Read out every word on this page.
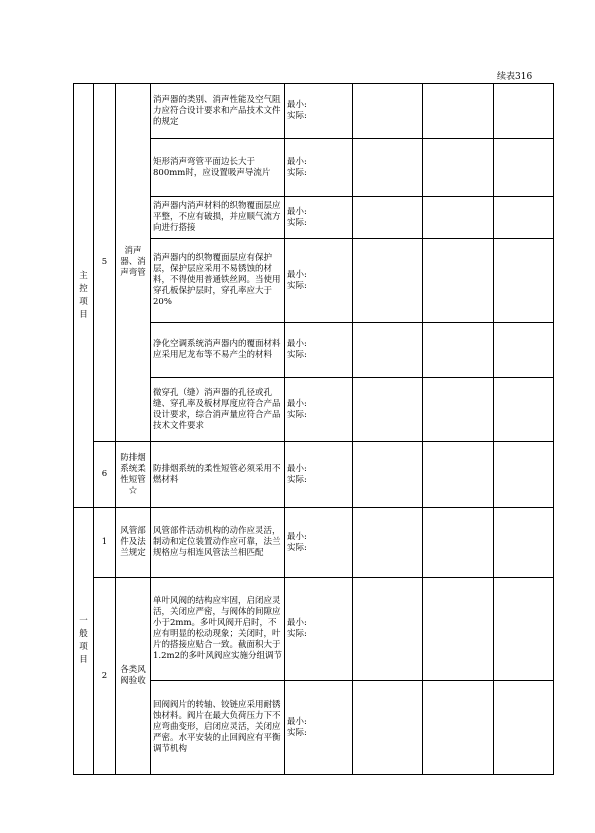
续表316
主控项目	5	消声器、消声弯管	消声器的类别、消声性能及空气阻力应符合设计要求和产品技术文件的规定	最小:
实际:			

			矩形消声弯管平面边长大于800mm时，应设置吸声导流片	最小:
实际:			

			消声器内消声材料的织物覆面层应平整，不应有破损，并应顺气流方向进行搭接	最小:
实际:			

			消声器内的织物覆面层应有保护层，保护层应采用不易锈蚀的材料，不得使用普通铁丝网。当使用穿孔板保护层时，穿孔率应大于20%	最小:
实际:			

			净化空调系统消声器内的覆面材料应采用尼龙布等不易产尘的材料	最小:
实际:			

			微穿孔（缝）消声器的孔径或孔缝、穿孔率及板材厚度应符合产品设计要求，综合消声量应符合产品技术文件要求	最小:
实际:			

	6	防排烟系统柔性短管☆	防排烟系统的柔性短管必须采用不燃材料	最小:
实际:			

一般项目	1	风管部件及法兰规定	风管部件活动机构的动作应灵活，制动和定位装置动作应可靠，法兰规格应与相连风管法兰相匹配	最小:
实际:			

	2	各类风阀验收	单叶风阀的结构应牢固，启闭应灵活，关闭应严密，与阀体的间隙应小于2mm。多叶风阀开启时，不应有明显的松动现象；关闭时，叶片的搭接应贴合一致。截面积大于1.2m2的多叶风阀应实施分组调节	最小:
实际:			

			回阀阀片的转轴、铰链应采用耐锈蚀材料。阀片在最大负荷压力下不应弯曲变形，启闭应灵活，关闭应严密。水平安装的止回阀应有平衡调节机构	最小:
实际:			
